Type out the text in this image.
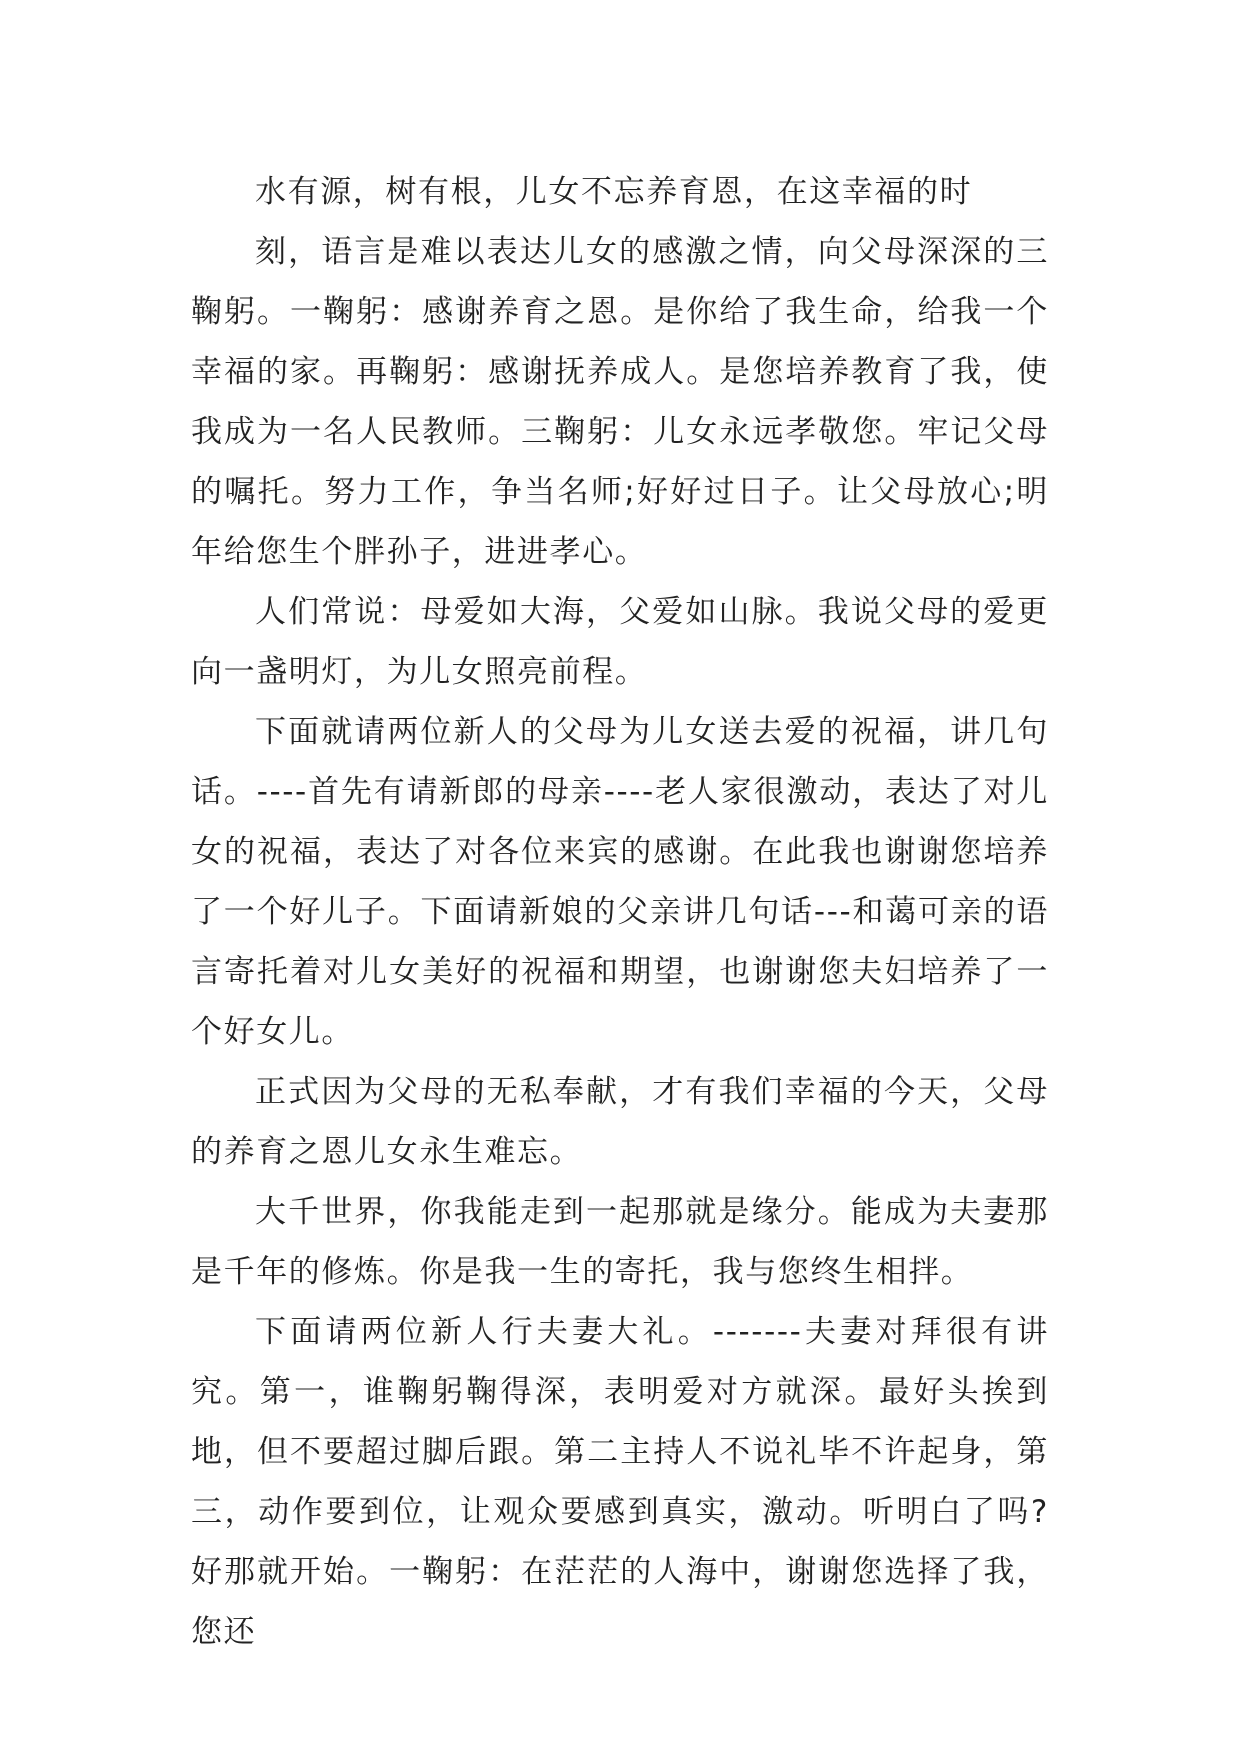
水有源，树有根，儿女不忘养育恩，在这幸福的时

刻，语言是难以表达儿女的感激之情，向父母深深的三鞠躬。一鞠躬：感谢养育之恩。是你给了我生命，给我一个幸福的家。再鞠躬：感谢抚养成人。是您培养教育了我，使我成为一名人民教师。三鞠躬：儿女永远孝敬您。牢记父母的嘱托。努力工作，争当名师;好好过日子。让父母放心;明年给您生个胖孙子，进进孝心。

人们常说：母爱如大海，父爱如山脉。我说父母的爱更向一盏明灯，为儿女照亮前程。

下面就请两位新人的父母为儿女送去爱的祝福，讲几句话。----首先有请新郎的母亲----老人家很激动，表达了对儿女的祝福，表达了对各位来宾的感谢。在此我也谢谢您培养了一个好儿子。下面请新娘的父亲讲几句话---和蔼可亲的语言寄托着对儿女美好的祝福和期望，也谢谢您夫妇培养了一个好女儿。

正式因为父母的无私奉献，才有我们幸福的今天，父母的养育之恩儿女永生难忘。

大千世界，你我能走到一起那就是缘分。能成为夫妻那是千年的修炼。你是我一生的寄托，我与您终生相拌。

下面请两位新人行夫妻大礼。-------夫妻对拜很有讲究。第一，谁鞠躬鞠得深，表明爱对方就深。最好头挨到地，但不要超过脚后跟。第二主持人不说礼毕不许起身，第三，动作要到位，让观众要感到真实，激动。听明白了吗?好那就开始。一鞠躬：在茫茫的人海中，谢谢您选择了我，您还
